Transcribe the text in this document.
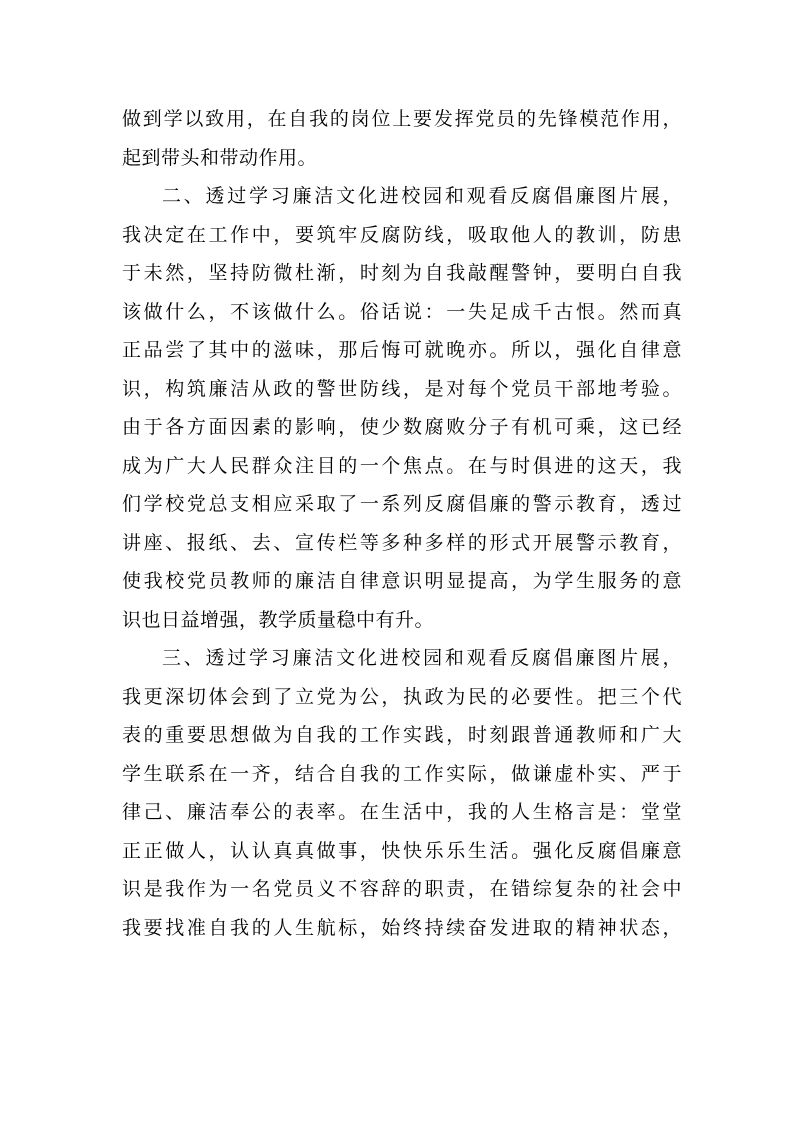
做到学以致用，在自我的岗位上要发挥党员的先锋模范作用，
起到带头和带动作用。
二、透过学习廉洁文化进校园和观看反腐倡廉图片展，
我决定在工作中，要筑牢反腐防线，吸取他人的教训，防患
于未然，坚持防微杜渐，时刻为自我敲醒警钟，要明白自我
该做什么，不该做什么。俗话说：一失足成千古恨。然而真
正品尝了其中的滋味，那后悔可就晚亦。所以，强化自律意
识，构筑廉洁从政的警世防线，是对每个党员干部地考验。
由于各方面因素的影响，使少数腐败分子有机可乘，这已经
成为广大人民群众注目的一个焦点。在与时俱进的这天，我
们学校党总支相应采取了一系列反腐倡廉的警示教育，透过
讲座、报纸、去、宣传栏等多种多样的形式开展警示教育，
使我校党员教师的廉洁自律意识明显提高，为学生服务的意
识也日益增强，教学质量稳中有升。
三、透过学习廉洁文化进校园和观看反腐倡廉图片展，
我更深切体会到了立党为公，执政为民的必要性。把三个代
表的重要思想做为自我的工作实践，时刻跟普通教师和广大
学生联系在一齐，结合自我的工作实际，做谦虚朴实、严于
律己、廉洁奉公的表率。在生活中，我的人生格言是：堂堂
正正做人，认认真真做事，快快乐乐生活。强化反腐倡廉意
识是我作为一名党员义不容辞的职责，在错综复杂的社会中
我要找准自我的人生航标，始终持续奋发进取的精神状态，
